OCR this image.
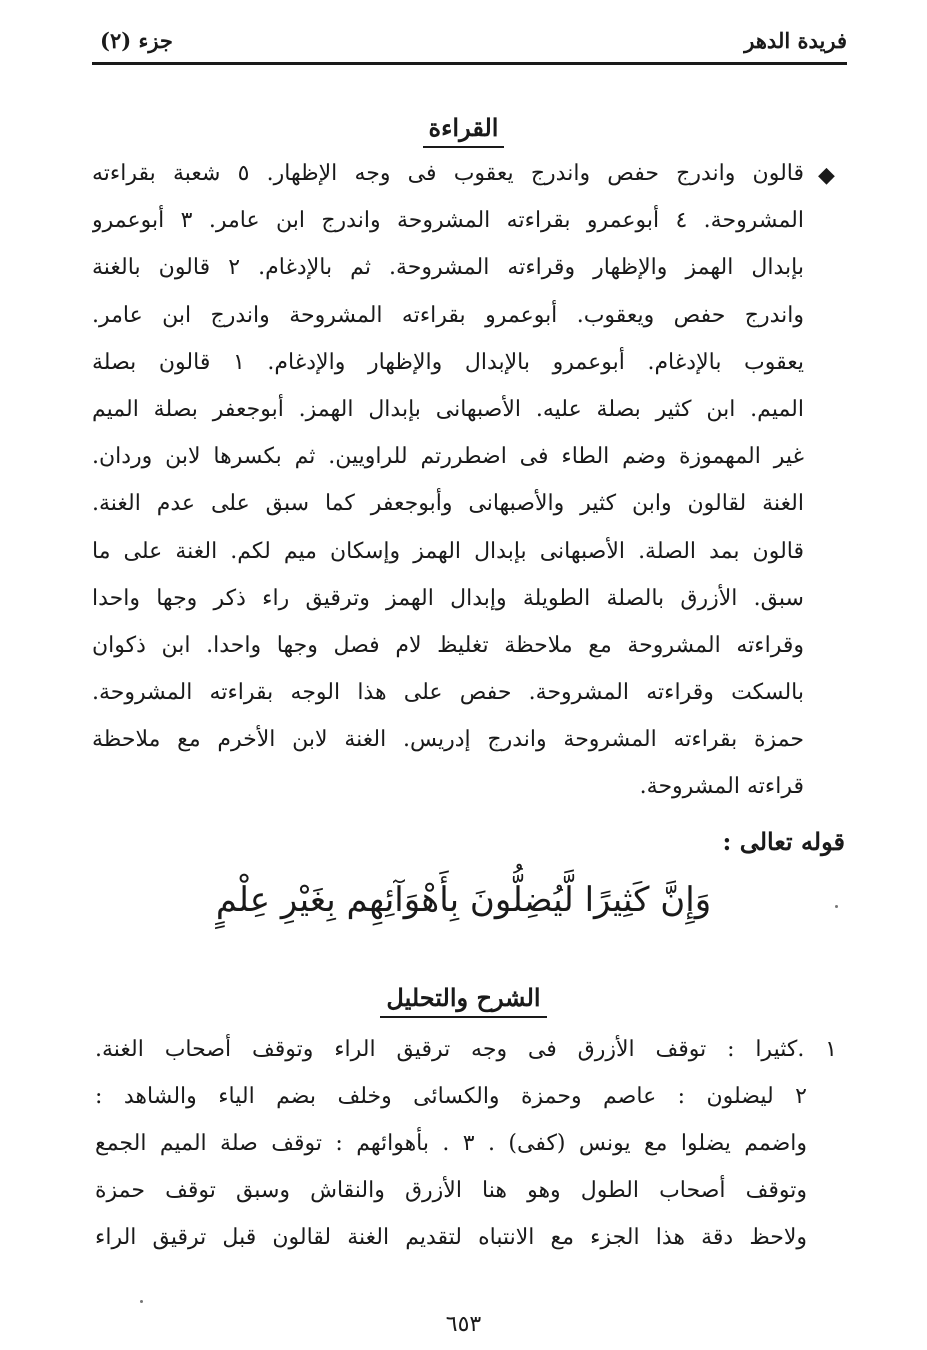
فريدة الدهر
جزء (٢)
القراءة
◆
قالون واندرج حفص واندرج يعقوب فى وجه الإظهار. ٥ شعبة بقراءته
المشروحة. ٤ أبوعمرو بقراءته المشروحة واندرج ابن عامر. ٣ أبوعمرو
بإبدال الهمز والإظهار وقراءته المشروحة. ثم بالإدغام. ٢ قالون بالغنة
واندرج حفص ويعقوب. أبوعمرو بقراءته المشروحة واندرج ابن عامر.
يعقوب بالإدغام. أبوعمرو بالإبدال والإظهار والإدغام. ١ قالون بصلة
الميم. ابن كثير بصلة عليه. الأصبهانى بإبدال الهمز. أبوجعفر بصلة الميم
غير المهموزة وضم الطاء فى اضطررتم للراويين. ثم بكسرها لابن وردان.
الغنة لقالون وابن كثير والأصبهانى وأبوجعفر كما سبق على عدم الغنة.
قالون بمد الصلة. الأصبهانى بإبدال الهمز وإسكان ميم لكم. الغنة على ما
سبق. الأزرق بالصلة الطويلة وإبدال الهمز وترقيق راء ذكر وجها واحدا
وقراءته المشروحة مع ملاحظة تغليظ لام فصل وجها واحدا. ابن ذكوان
بالسكت وقراءته المشروحة. حفص على هذا الوجه بقراءته المشروحة.
حمزة بقراءته المشروحة واندرج إدريس. الغنة لابن الأخرم مع ملاحظة
قراءته المشروحة.
قوله تعالى :
وَإِنَّ كَثِيرًا لَّيُضِلُّونَ بِأَهْوَآئِهِم بِغَيْرِ عِلْمٍ
الشرح والتحليل
١ .كثيرا : توقف الأزرق فى وجه ترقيق الراء وتوقف أصحاب الغنة.
٢ ليضلون : عاصم وحمزة والكسائى وخلف بضم الياء والشاهد :
واضمم يضلوا مع يونس (كفى) . ٣ . بأهوائهم : توقف صلة الميم الجمع
وتوقف أصحاب الطول وهو هنا الأزرق والنقاش وسبق توقف حمزة
ولاحظ دقة هذا الجزء مع الانتباه لتقديم الغنة لقالون قبل ترقيق الراء
٦٥٣
